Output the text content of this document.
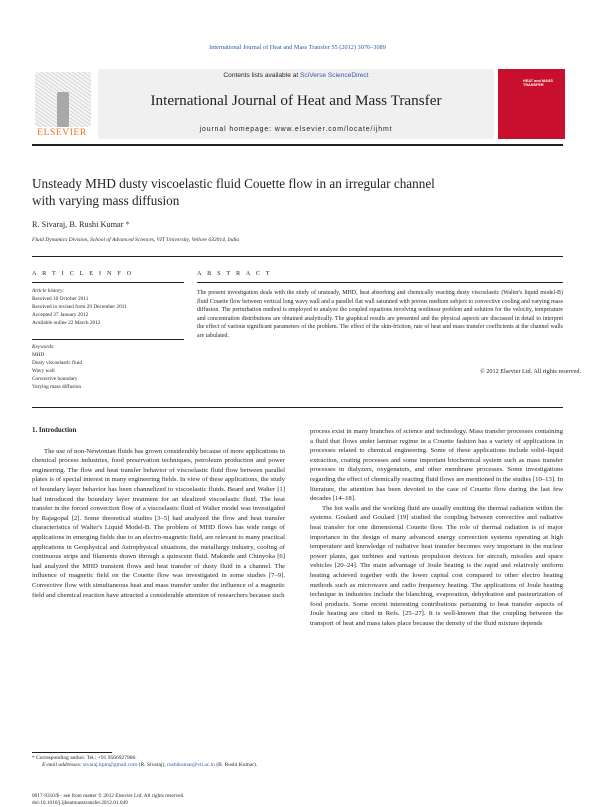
International Journal of Heat and Mass Transfer 55 (2012) 3076–3089
ELSEVIER
Contents lists available at SciVerse ScienceDirect
International Journal of Heat and Mass Transfer
journal homepage: www.elsevier.com/locate/ijhmt
HEAT and MASS TRANSFER
Unsteady MHD dusty viscoelastic fluid Couette flow in an irregular channel
with varying mass diffusion
R. Sivaraj, B. Rushi Kumar *
Fluid Dynamics Division, School of Advanced Sciences, VIT University, Vellore 632014, India
A R T I C L E I N F O	A B S T R A C T
Article history:
Received 10 October 2011
Received in revised form 29 December 2011
Accepted 27 January 2012
Available online 22 March 2012
Keywords:
MHD
Dusty viscoelastic fluid
Wavy wall
Convective boundary
Varying mass diffusion
The present investigation deals with the study of unsteady, MHD, heat absorbing and chemically reacting dusty viscoelastic (Walter's liquid model-B) fluid Couette flow between vertical long wavy wall and a parallel flat wall saturated with porous medium subject to convective cooling and varying mass diffusion. The perturbation method is employed to analyze the coupled equations involving nonlinear problem and solution for the velocity, temperature and concentration distributions are obtained analytically. The graphical results are presented and the physical aspects are discussed in detail to interpret the effect of various significant parameters of the problem. The effect of the skin-friction, rate of heat and mass transfer coefficients at the channel walls are tabulated.
© 2012 Elsevier Ltd. All rights reserved.
1. Introduction

The use of non-Newtonian fluids has grown considerably because of more applications in chemical process industries, food preservation techniques, petroleum production and power engineering. The flow and heat transfer behavior of viscoelastic fluid flow between parallel plates is of special interest in many engineering fields. In view of these applications, the study of boundary layer behavior has been channelized to viscoelastic fluids. Beard and Walter [1] had introduced the boundary layer treatment for an idealized viscoelastic fluid. The heat transfer in the forced convection flow of a viscoelastic fluid of Walter model was investigated by Rajagopal [2]. Some theoretical studies [3–5] had analyzed the flow and heat transfer characteristics of Walter's Liquid Model-B. The problem of MHD flows has wide range of applications in emerging fields due to an electro-magnetic field, are relevant to many practical applications in Geophysical and Astrophysical situations, the metallurgy industry, cooling of continuous strips and filaments drawn through a quiescent fluid. Makinde and Chinyoka [6] had analyzed the MHD transient flows and heat transfer of dusty fluid in a channel. The influence of magnetic field on the Couette flow was investigated in some studies [7–9]. Convective flow with simultaneous heat and mass transfer under the influence of a magnetic field and chemical reaction have attracted a considerable attention of researchers because such

process exist in many branches of science and technology. Mass transfer processes containing a fluid that flows under laminar regime in a Couette fashion has a variety of applications in processes related to chemical engineering. Some of these applications include solid–liquid extraction, coating processes and some important biochemical system such as mass transfer processes in dialyzers, oxygenators, and other membrane processes. Some investigations regarding the effect of chemically reacting fluid flows are mentioned in the studies [10–13]. In literature, the attention has been devoted to the case of Couette flow during the last few decades [14–18].

The hot walls and the working fluid are usually emitting the thermal radiation within the systems. Goulard and Goulard [19] studied the coupling between convective and radiative heat transfer for one dimensional Couette flow. The role of thermal radiation is of major importance in the design of many advanced energy convection systems operating at high temperature and knowledge of radiative heat transfer becomes very important in the nuclear power plants, gas turbines and various propulsion devices for aircraft, missiles and space vehicles [20–24]. The main advantage of Joule heating is the rapid and relatively uniform heating achieved together with the lower capital cost compared to other electro heating methods such as microwave and radio frequency heating. The applications of Joule heating technique in industries include the blanching, evaporation, dehydration and pasteurization of food products. Some recent interesting contributions pertaining to heat transfer aspects of Joule heating are cited in Refs. [25–27]. It is well-known that the coupling between the transport of heat and mass takes place because the density of the fluid mixture depends

* Corresponding author. Tel.: +91 9566927966.
E-mail addresses: sivaraj.kpm@gmail.com (R. Sivaraj), rushikumar@vit.ac.in (B. Rushi Kumar).
0017-9310/$ - see front matter © 2012 Elsevier Ltd. All rights reserved.
doi:10.1016/j.ijheatmasstransfer.2012.01.049
